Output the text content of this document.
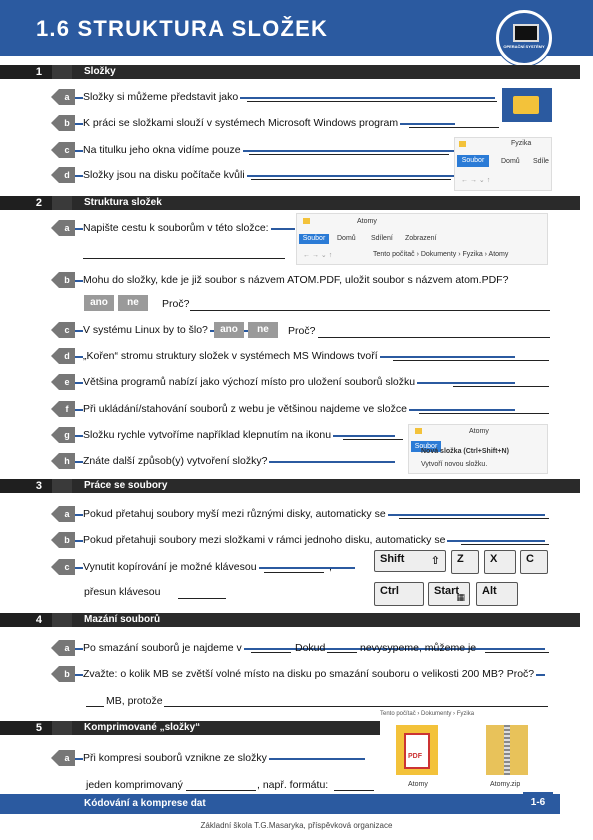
1.6 STRUKTURA SLOŽEK
OPERAČNÍ SYSTÉMY
1	Složky
a	Složky si můžeme představit jako
b	K práci se složkami slouží v systémech Microsoft Windows program
c	Na titulku jeho okna vidíme pouze
d	Složky jsou na disku počítače kvůli
Fyzika
Soubor	Domů Sdíle
← → ⌄ ↑
2	Struktura složek
a	Napište cestu k souborům v této složce:
Atomy
Soubor	Domů Sdílení Zobrazení
← → ⌄ ↑	Tento počítač › Dokumenty › Fyzika › Atomy
b	Mohu do složky, kde je již soubor s názvem ATOM.PDF, uložit soubor s názvem atom.PDF?
ano	ne	Proč?
c	V systému Linux by to šlo?	ano	ne	Proč?
d	„Kořen“ stromu struktury složek v systémech MS Windows tvoří
e	Většina programů nabízí jako výchozí místo pro uložení souborů složku
f	Při ukládání/stahování souborů z webu je většinou najdeme ve složce
g	Složku rychle vytvoříme například klepnutím na ikonu	Atomy
Soubor
Nová složka (Ctrl+Shift+N)
Vytvoří novou složku.
h	Znáte další způsob(y) vytvoření složky?
3	Práce se soubory
a	Pokud přetahuj soubory myší mezi různými disky, automaticky se
b	Pokud přetahuji soubory mezi složkami v rámci jednoho disku, automaticky se
c	Vynutit kopírování je možné klávesou	,
přesun klávesou
Shift ⇧	Z	X	C
Ctrl	Start
▦	Alt
4	Mazání souborů
a	Po smazání souborů je najdeme v	Dokud	nevysypeme, můžeme je
b	Zvažte: o kolik MB se zvětší volné místo na disku po smazání souboru o velikosti 200 MB? Proč?
MB, protože
5	Komprimované „složky“
a	Při kompresi souborů vznikne ze složky
jeden komprimovaný	, např. formátu:
Tento počítač › Dokumenty › Fyzika
PDF
Atomy	Atomy.zip
Kódování a komprese dat	1-6
Základní škola T.G.Masaryka, příspěvková organizace
